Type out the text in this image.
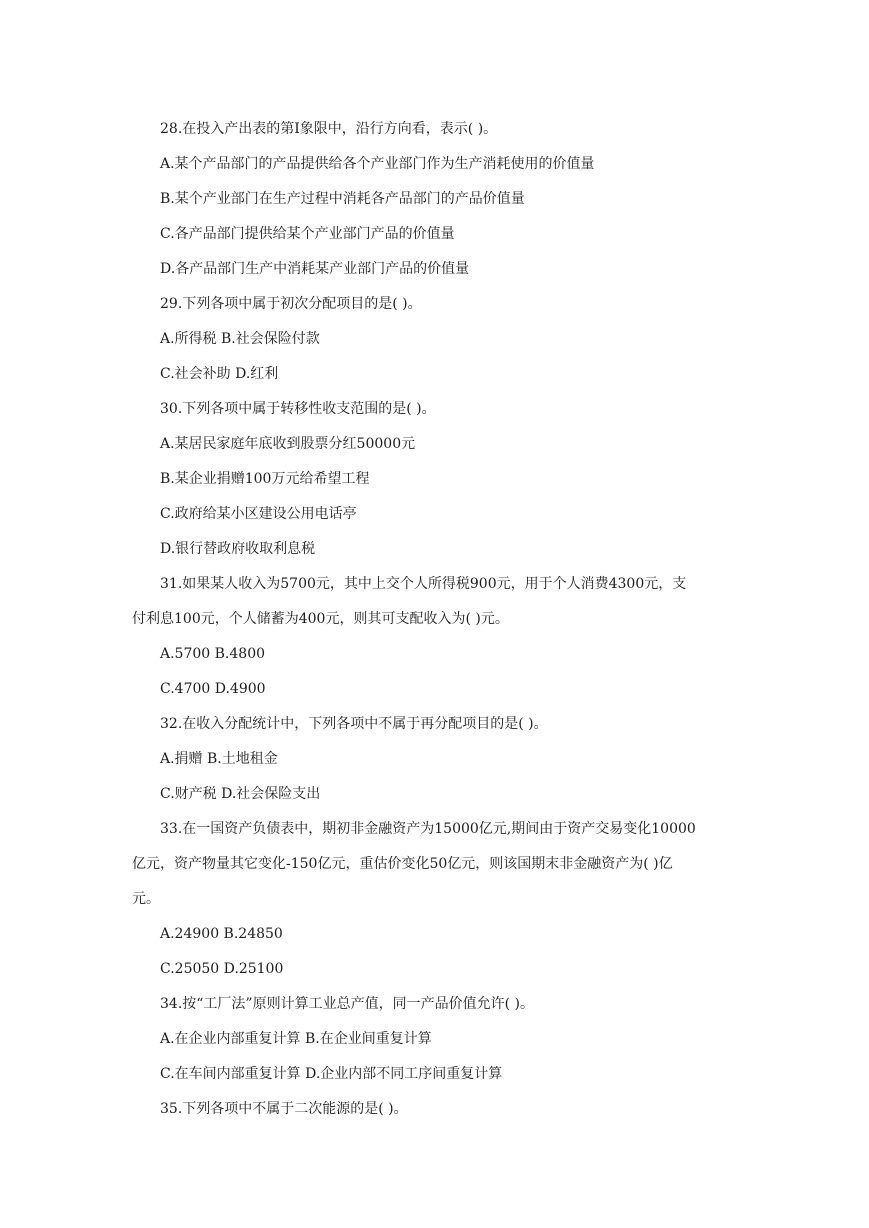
28.在投入产出表的第Ⅰ象限中，沿行方向看，表示( )。

A.某个产品部门的产品提供给各个产业部门作为生产消耗使用的价值量

B.某个产业部门在生产过程中消耗各产品部门的产品价值量

C.各产品部门提供给某个产业部门产品的价值量

D.各产品部门生产中消耗某产业部门产品的价值量

29.下列各项中属于初次分配项目的是( )。

A.所得税 B.社会保险付款

C.社会补助 D.红利

30.下列各项中属于转移性收支范围的是( )。

A.某居民家庭年底收到股票分红50000元

B.某企业捐赠100万元给希望工程

C.政府给某小区建设公用电话亭

D.银行替政府收取利息税

31.如果某人收入为5700元，其中上交个人所得税900元，用于个人消费4300元，支

付利息100元，个人储蓄为400元，则其可支配收入为( )元。

A.5700 B.4800

C.4700 D.4900

32.在收入分配统计中，下列各项中不属于再分配项目的是( )。

A.捐赠 B.土地租金

C.财产税 D.社会保险支出

33.在一国资产负债表中，期初非金融资产为15000亿元,期间由于资产交易变化10000

亿元，资产物量其它变化-150亿元，重估价变化50亿元，则该国期末非金融资产为( )亿

元。

A.24900 B.24850

C.25050 D.25100

34.按“工厂法”原则计算工业总产值，同一产品价值允许( )。

A.在企业内部重复计算 B.在企业间重复计算

C.在车间内部重复计算 D.企业内部不同工序间重复计算

35.下列各项中不属于二次能源的是( )。
